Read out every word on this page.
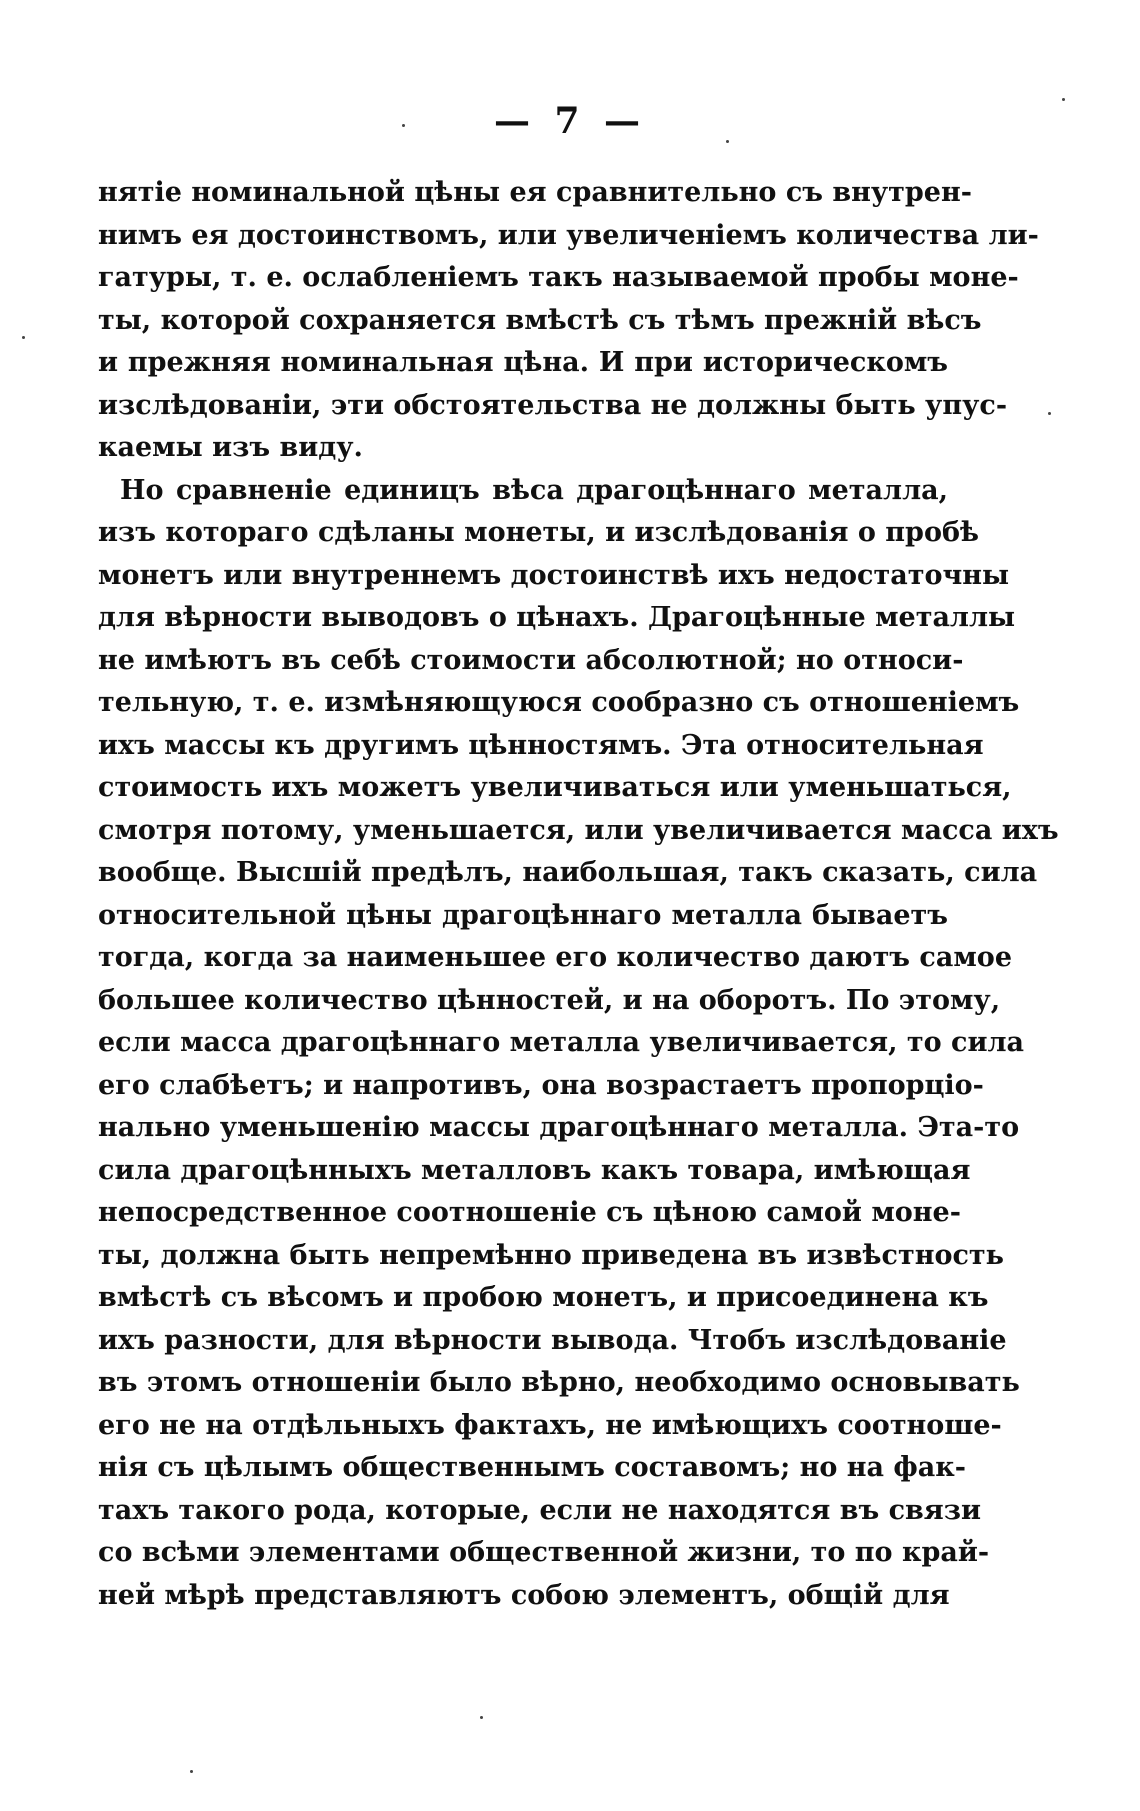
— 7 —
нятіе номинальной цѣны ея сравнительно съ внутрен-
нимъ ея достоинствомъ, или увеличеніемъ количества ли-
гатуры, т. е. ослабленіемъ такъ называемой пробы моне-
ты, которой сохраняется вмѣстѣ съ тѣмъ прежній вѣсъ
и прежняя номинальная цѣна. И при историческомъ
изслѣдованіи, эти обстоятельства не должны быть упус-
каемы изъ виду.
Но сравненіе единицъ вѣса драгоцѣннаго металла,
изъ котораго сдѣланы монеты, и изслѣдованія о пробѣ
монетъ или внутреннемъ достоинствѣ ихъ недостаточны
для вѣрности выводовъ о цѣнахъ. Драгоцѣнные металлы
не имѣютъ въ себѣ стоимости абсолютной; но относи-
тельную, т. е. измѣняющуюся сообразно съ отношеніемъ
ихъ массы къ другимъ цѣнностямъ. Эта относительная
стоимость ихъ можетъ увеличиваться или уменьшаться,
смотря потому, уменьшается, или увеличивается масса ихъ
вообще. Высшій предѣлъ, наибольшая, такъ сказать, сила
относительной цѣны драгоцѣннаго металла бываетъ
тогда, когда за наименьшее его количество даютъ самое
большее количество цѣнностей, и на оборотъ. По этому,
если масса драгоцѣннаго металла увеличивается, то сила
его слабѣетъ; и напротивъ, она возрастаетъ пропорціо-
нально уменьшенію массы драгоцѣннаго металла. Эта-то
сила драгоцѣнныхъ металловъ какъ товара, имѣющая
непосредственное соотношеніе съ цѣною самой моне-
ты, должна быть непремѣнно приведена въ извѣстность
вмѣстѣ съ вѣсомъ и пробою монетъ, и присоединена къ
ихъ разности, для вѣрности вывода. Чтобъ изслѣдованіе
въ этомъ отношеніи было вѣрно, необходимо основывать
его не на отдѣльныхъ фактахъ, не имѣющихъ соотноше-
нія съ цѣлымъ общественнымъ составомъ; но на фак-
тахъ такого рода, которые, если не находятся въ связи
со всѣми элементами общественной жизни, то по край-
ней мѣрѣ представляютъ собою элементъ, общій для
